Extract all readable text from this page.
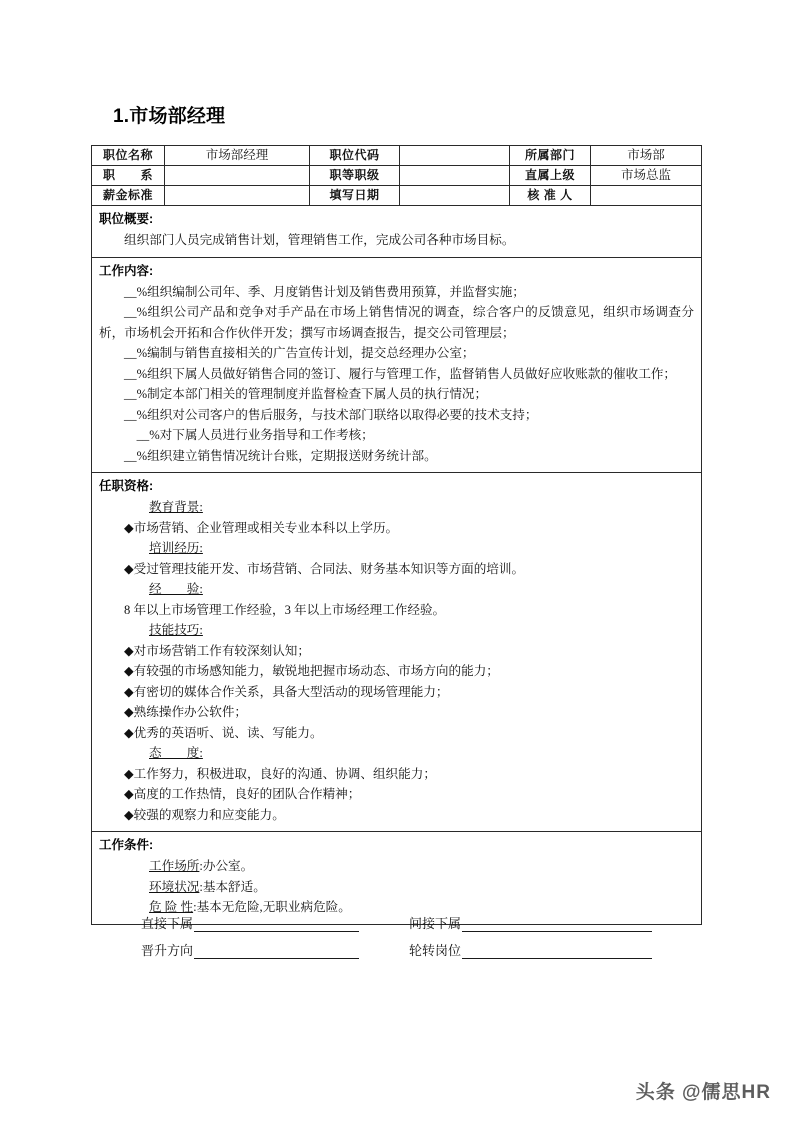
1.市场部经理
职位名称	市场部经理	职位代码		所属部门	市场部
职　　系		职等职级		直属上级	市场总监
薪金标准		填写日期		核 准 人	
职位概要:

组织部门人员完成销售计划，管理销售工作，完成公司各种市场目标。

工作内容:

__%组织编制公司年、季、月度销售计划及销售费用预算，并监督实施；

__%组织公司产品和竞争对手产品在市场上销售情况的调查，综合客户的反馈意见，组织市场调查分析，市场机会开拓和合作伙伴开发；撰写市场调查报告，提交公司管理层；

__%编制与销售直接相关的广告宣传计划，提交总经理办公室；

__%组织下属人员做好销售合同的签订、履行与管理工作，监督销售人员做好应收账款的催收工作；

__%制定本部门相关的管理制度并监督检查下属人员的执行情况；

__%组织对公司客户的售后服务，与技术部门联络以取得必要的技术支持；

　__%对下属人员进行业务指导和工作考核；

__%组织建立销售情况统计台账，定期报送财务统计部。

任职资格:

教育背景:

◆市场营销、企业管理或相关专业本科以上学历。

培训经历:

◆受过管理技能开发、市场营销、合同法、财务基本知识等方面的培训。

经　　验:

8 年以上市场管理工作经验，3 年以上市场经理工作经验。

技能技巧:

◆对市场营销工作有较深刻认知；

◆有较强的市场感知能力，敏锐地把握市场动态、市场方向的能力；

◆有密切的媒体合作关系，具备大型活动的现场管理能力；

◆熟练操作办公软件；

◆优秀的英语听、说、读、写能力。

态　　度:

◆工作努力，积极进取，良好的沟通、协调、组织能力；

◆高度的工作热情，良好的团队合作精神；

◆较强的观察力和应变能力。

工作条件:

工作场所:办公室。

环境状况:基本舒适。

危 险 性:基本无危险,无职业病危险。

直接下属	间接下属
晋升方向	轮转岗位
头条 @儒思HR
